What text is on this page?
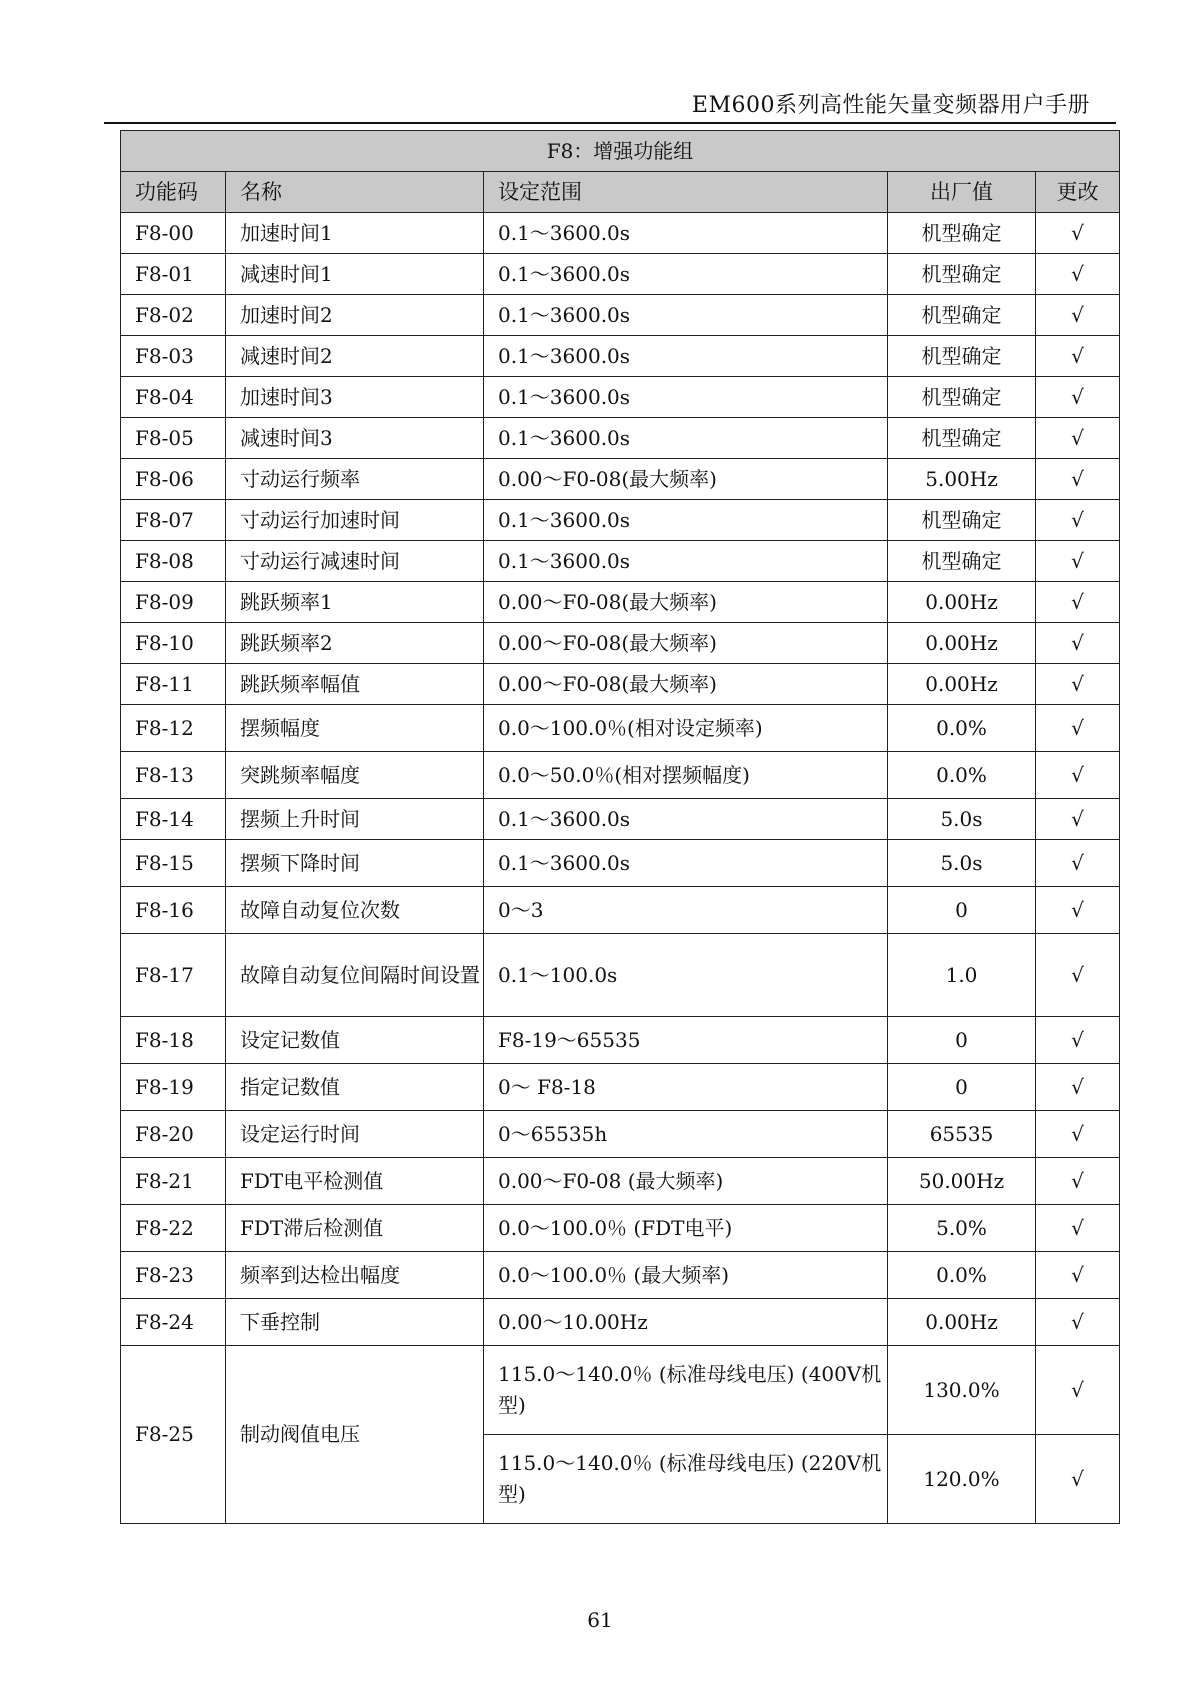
EM600系列高性能矢量变频器用户手册
F8：增强功能组				
功能码	名称	设定范围	出厂值	更改
F8-00	加速时间1	0.1～3600.0s	机型确定	√
F8-01	减速时间1	0.1～3600.0s	机型确定	√
F8-02	加速时间2	0.1～3600.0s	机型确定	√
F8-03	减速时间2	0.1～3600.0s	机型确定	√
F8-04	加速时间3	0.1～3600.0s	机型确定	√
F8-05	减速时间3	0.1～3600.0s	机型确定	√
F8-06	寸动运行频率	0.00～F0-08(最大频率)	5.00Hz	√
F8-07	寸动运行加速时间	0.1～3600.0s	机型确定	√
F8-08	寸动运行减速时间	0.1～3600.0s	机型确定	√
F8-09	跳跃频率1	0.00～F0-08(最大频率)	0.00Hz	√
F8-10	跳跃频率2	0.00～F0-08(最大频率)	0.00Hz	√
F8-11	跳跃频率幅值	0.00～F0-08(最大频率)	0.00Hz	√
F8-12	摆频幅度	0.0～100.0％(相对设定频率)	0.0%	√
F8-13	突跳频率幅度	0.0～50.0％(相对摆频幅度)	0.0%	√
F8-14	摆频上升时间	0.1～3600.0s	5.0s	√
F8-15	摆频下降时间	0.1～3600.0s	5.0s	√
F8-16	故障自动复位次数	0～3	0	√
F8-17	故障自动复位间隔时间设置	0.1～100.0s	1.0	√
F8-18	设定记数值	F8-19～65535	0	√
F8-19	指定记数值	0～ F8-18	0	√
F8-20	设定运行时间	0～65535h	65535	√
F8-21	FDT电平检测值	0.00～F0-08 (最大频率)	50.00Hz	√
F8-22	FDT滞后检测值	0.0～100.0％ (FDT电平)	5.0%	√
F8-23	频率到达检出幅度	0.0～100.0％ (最大频率)	0.0%	√
F8-24	下垂控制	0.00～10.00Hz	0.00Hz	√
F8-25	制动阀值电压	115.0～140.0％ (标准母线电压) (400V机型)	130.0%	√
		115.0～140.0％ (标准母线电压) (220V机型)	120.0%	√
61
